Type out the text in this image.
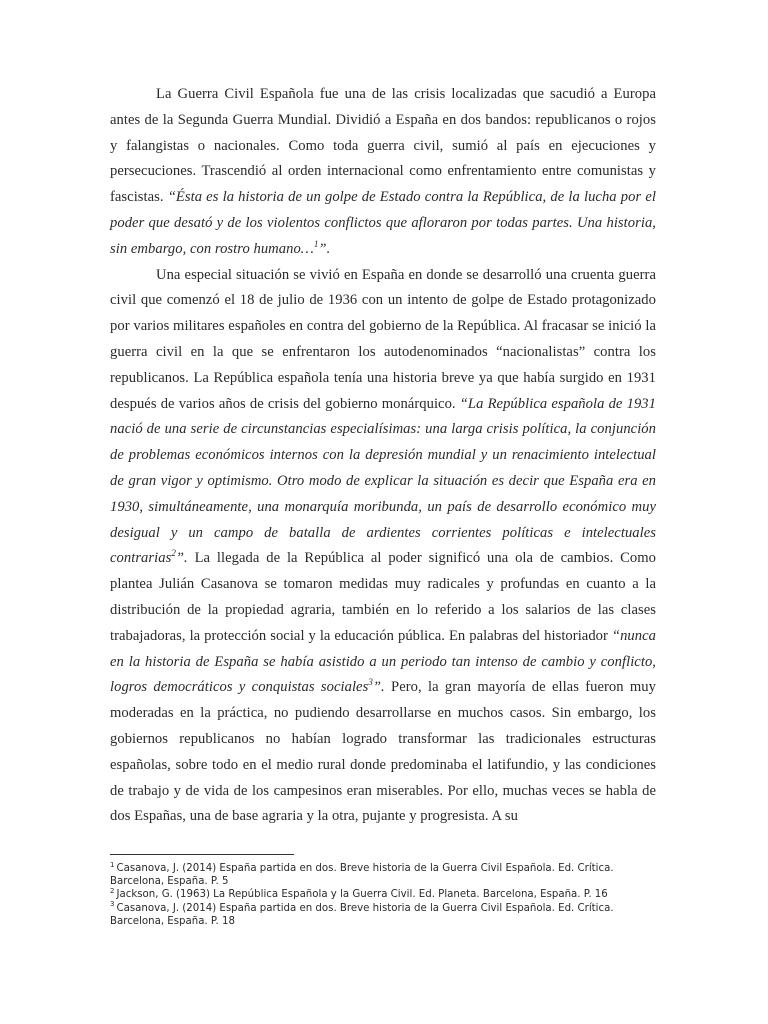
La Guerra Civil Española fue una de las crisis localizadas que sacudió a Europa antes de la Segunda Guerra Mundial. Dividió a España en dos bandos: republicanos o rojos y falangistas o nacionales. Como toda guerra civil, sumió al país en ejecuciones y persecuciones. Trascendió al orden internacional como enfrentamiento entre comunistas y fascistas. “Ésta es la historia de un golpe de Estado contra la República, de la lucha por el poder que desató y de los violentos conflictos que afloraron por todas partes. Una historia, sin embargo, con rostro humano…$^1$”.

Una especial situación se vivió en España en donde se desarrolló una cruenta guerra civil que comenzó el 18 de julio de 1936 con un intento de golpe de Estado protagonizado por varios militares españoles en contra del gobierno de la República. Al fracasar se inició la guerra civil en la que se enfrentaron los autodenominados “nacionalistas” contra los republicanos. La República española tenía una historia breve ya que había surgido en 1931 después de varios años de crisis del gobierno monárquico. “La República española de 1931 nació de una serie de circunstancias especialísimas: una larga crisis política, la conjunción de problemas económicos internos con la depresión mundial y un renacimiento intelectual de gran vigor y optimismo. Otro modo de explicar la situación es decir que España era en 1930, simultáneamente, una monarquía moribunda, un país de desarrollo económico muy desigual y un campo de batalla de ardientes corrientes políticas e intelectuales contrarias$^2$”. La llegada de la República al poder significó una ola de cambios. Como plantea Julián Casanova se tomaron medidas muy radicales y profundas en cuanto a la distribución de la propiedad agraria, también en lo referido a los salarios de las clases trabajadoras, la protección social y la educación pública. En palabras del historiador “nunca en la historia de España se había asistido a un periodo tan intenso de cambio y conflicto, logros democráticos y conquistas sociales$^3$”. Pero, la gran mayoría de ellas fueron muy moderadas en la práctica, no pudiendo desarrollarse en muchos casos. Sin embargo, los gobiernos republicanos no habían logrado transformar las tradicionales estructuras españolas, sobre todo en el medio rural donde predominaba el latifundio, y las condiciones de trabajo y de vida de los campesinos eran miserables. Por ello, muchas veces se habla de dos Españas, una de base agraria y la otra, pujante y progresista. A su

$^1$ Casanova, J. (2014) España partida en dos. Breve historia de la Guerra Civil Española. Ed. Crítica. Barcelona, España. P. 5

$^2$ Jackson, G. (1963) La República Española y la Guerra Civil. Ed. Planeta. Barcelona, España. P. 16

$^3$ Casanova, J. (2014) España partida en dos. Breve historia de la Guerra Civil Española. Ed. Crítica. Barcelona, España. P. 18
